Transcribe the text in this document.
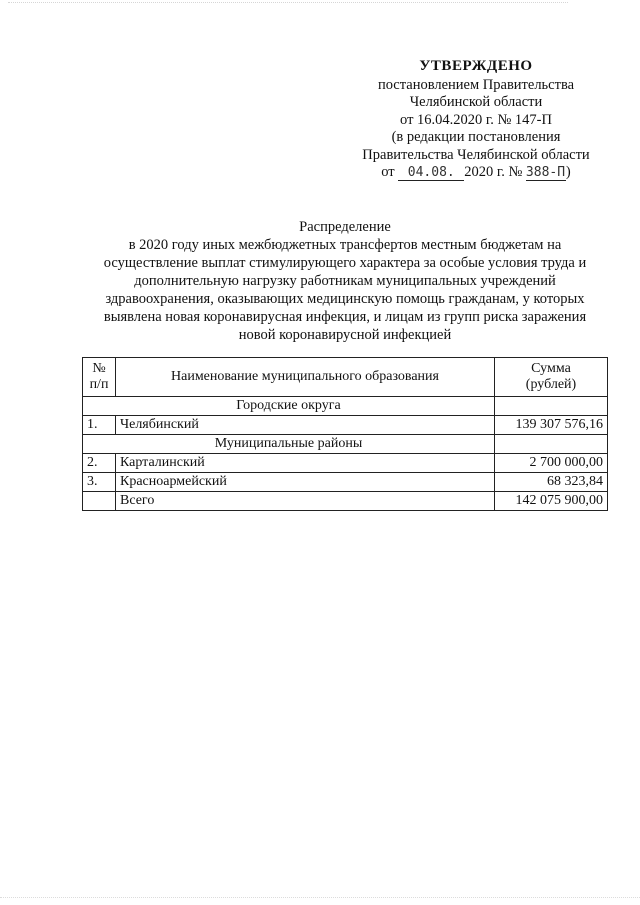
УТВЕРЖДЕНО
постановлением Правительства
Челябинской области
от 16.04.2020 г. № 147-П
(в редакции постановления
Правительства Челябинской области
от 04.08. 2020 г. № 388-П)
Распределение
в 2020 году иных межбюджетных трансфертов местным бюджетам на
осуществление выплат стимулирующего характера за особые условия труда и
дополнительную нагрузку работникам муниципальных учреждений
здравоохранения, оказывающих медицинскую помощь гражданам, у которых
выявлена новая коронавирусная инфекция, и лицам из групп риска заражения
новой коронавирусной инфекцией
№
п/п	Наименование муниципального образования	Сумма
(рублей)
Городские округа		
1.	Челябинский	139 307 576,16
Муниципальные районы		
2.	Карталинский	2 700 000,00
3.	Красноармейский	68 323,84
	Всего	142 075 900,00
